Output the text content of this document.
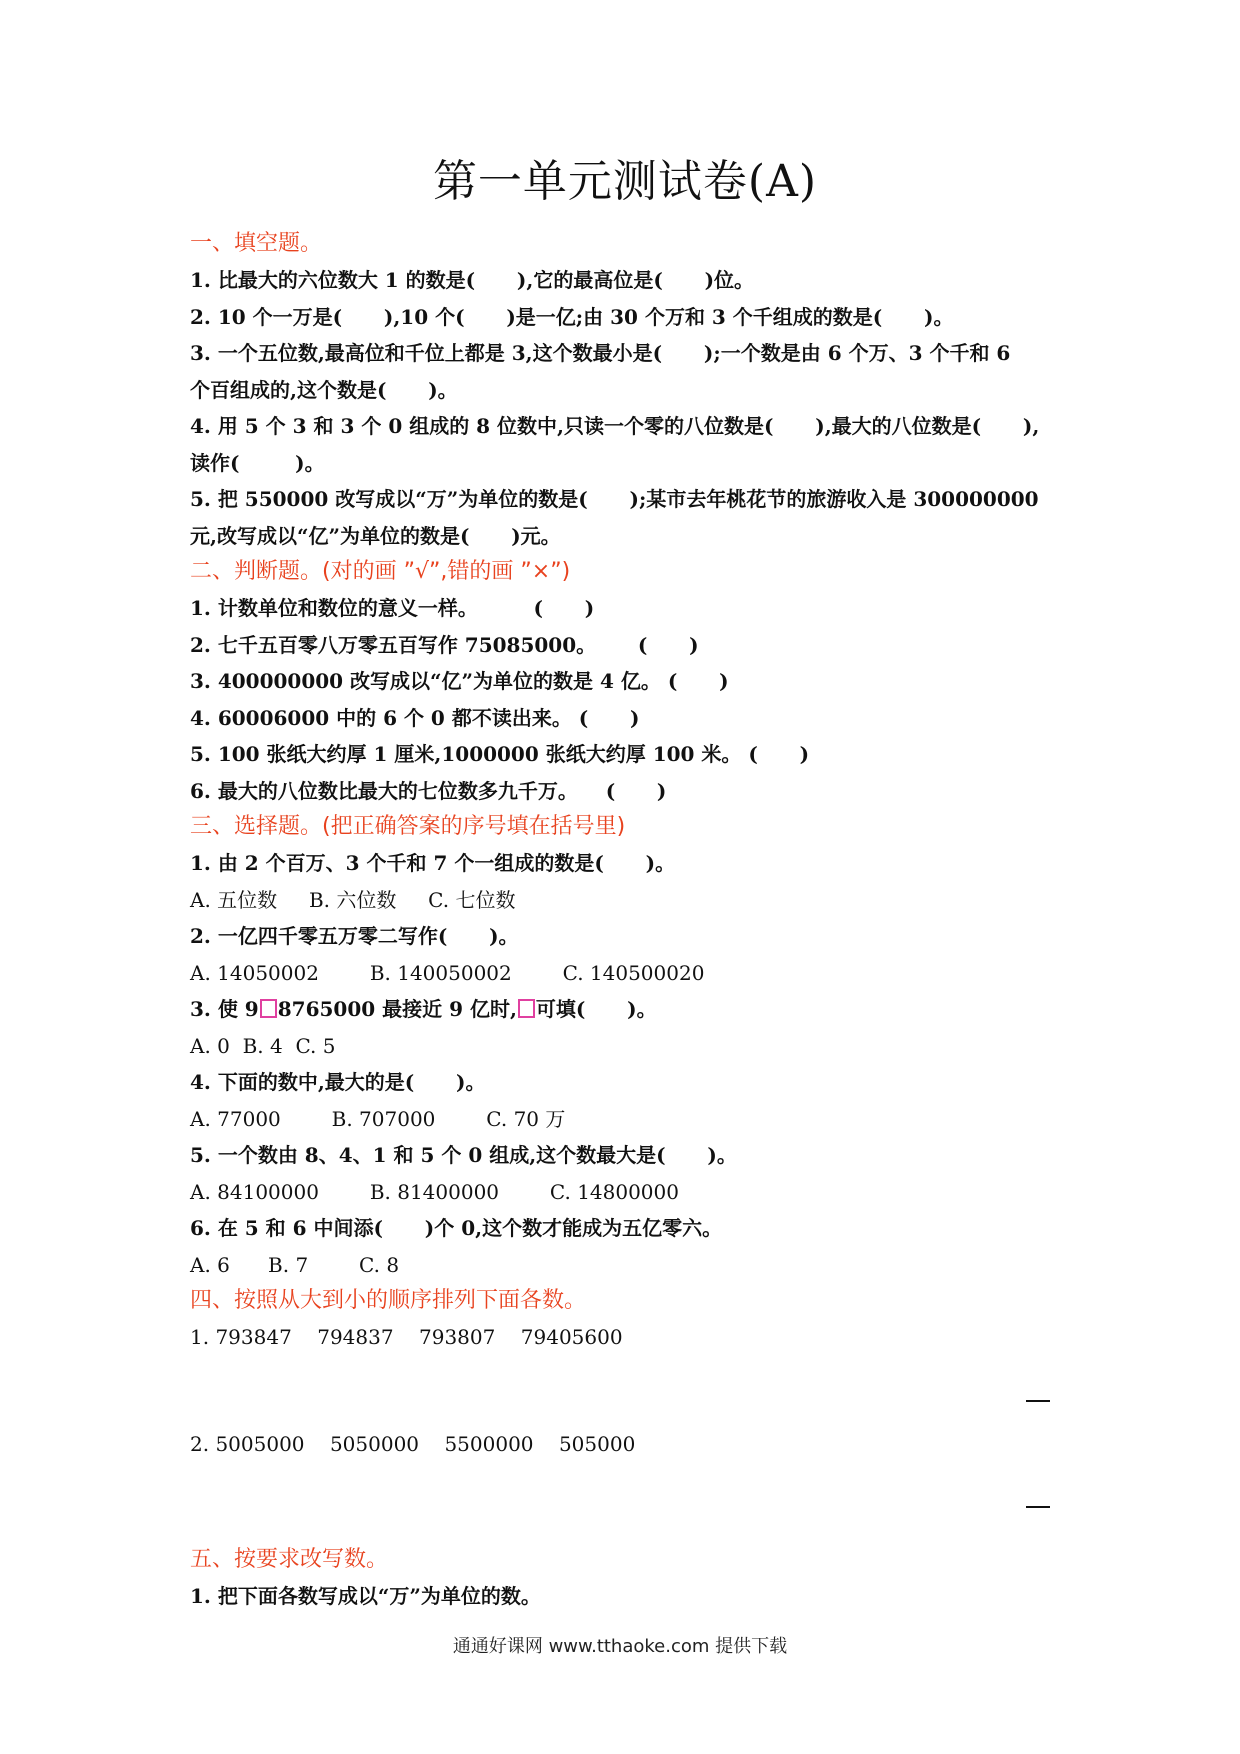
第一单元测试卷(A)
一、填空题。
1. 比最大的六位数大 1 的数是(      ),它的最高位是(      )位。
2. 10 个一万是(      ),10 个(      )是一亿;由 30 个万和 3 个千组成的数是(      )。
3. 一个五位数,最高位和千位上都是 3,这个数最小是(      );一个数是由 6 个万、3 个千和 6
个百组成的,这个数是(      )。
4. 用 5 个 3 和 3 个 0 组成的 8 位数中,只读一个零的八位数是(      ),最大的八位数是(      ),
读作(        )。
5. 把 550000 改写成以“万”为单位的数是(      );某市去年桃花节的旅游收入是 300000000
元,改写成以“亿”为单位的数是(      )元。
二、判断题。(对的画 ”√”,错的画 ”×”)
1. 计数单位和数位的意义一样。        (      )
2. 七千五百零八万零五百写作 75085000。      (      )
3. 400000000 改写成以“亿”为单位的数是 4 亿。 (      )
4. 60006000 中的 6 个 0 都不读出来。 (      )
5. 100 张纸大约厚 1 厘米,1000000 张纸大约厚 100 米。 (      )
6. 最大的八位数比最大的七位数多九千万。    (      )
三、选择题。(把正确答案的序号填在括号里)
1. 由 2 个百万、3 个千和 7 个一组成的数是(      )。
A. 五位数     B. 六位数     C. 七位数
2. 一亿四千零五万零二写作(      )。
A. 14050002        B. 140050002        C. 140500020
3. 使 9 8765000 最接近 9 亿时, 可填(      )。
A. 0  B. 4  C. 5
4. 下面的数中,最大的是(      )。
A. 77000        B. 707000        C. 70 万
5. 一个数由 8、4、1 和 5 个 0 组成,这个数最大是(      )。
A. 84100000        B. 81400000        C. 14800000
6. 在 5 和 6 中间添(      )个 0,这个数才能成为五亿零六。
A. 6      B. 7        C. 8
四、按照从大到小的顺序排列下面各数。
1. 793847    794837    793807    79405600
2. 5005000    5050000    5500000    505000
五、按要求改写数。
1. 把下面各数写成以“万”为单位的数。
通通好课网 www.tthaoke.com 提供下载
